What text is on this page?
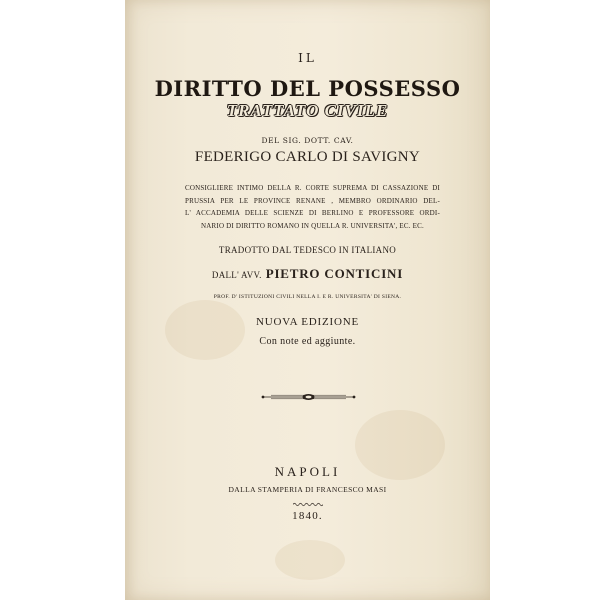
IL
DIRITTO DEL POSSESSO
TRATTATO CIVILE
DEL SIG. DOTT. CAV.
FEDERIGO CARLO DI SAVIGNY
CONSIGLIERE INTIMO DELLA R. CORTE SUPREMA DI CASSAZIONE DI
PRUSSIA PER LE PROVINCE RENANE , MEMBRO ORDINARIO DEL-
L' ACCADEMIA DELLE SCIENZE DI BERLINO E PROFESSORE ORDI-
NARIO DI DIRITTO ROMANO IN QUELLA R. UNIVERSITA', EC. EC.
TRADOTTO DAL TEDESCO IN ITALIANO
DALL' AVV. PIETRO CONTICINI
PROF. D' ISTITUZIONI CIVILI NELLA I. E R. UNIVERSITA' DI SIENA.
NUOVA EDIZIONE
Con note ed aggiunte.
NAPOLI
DALLA STAMPERIA DI FRANCESCO MASI
1840.
